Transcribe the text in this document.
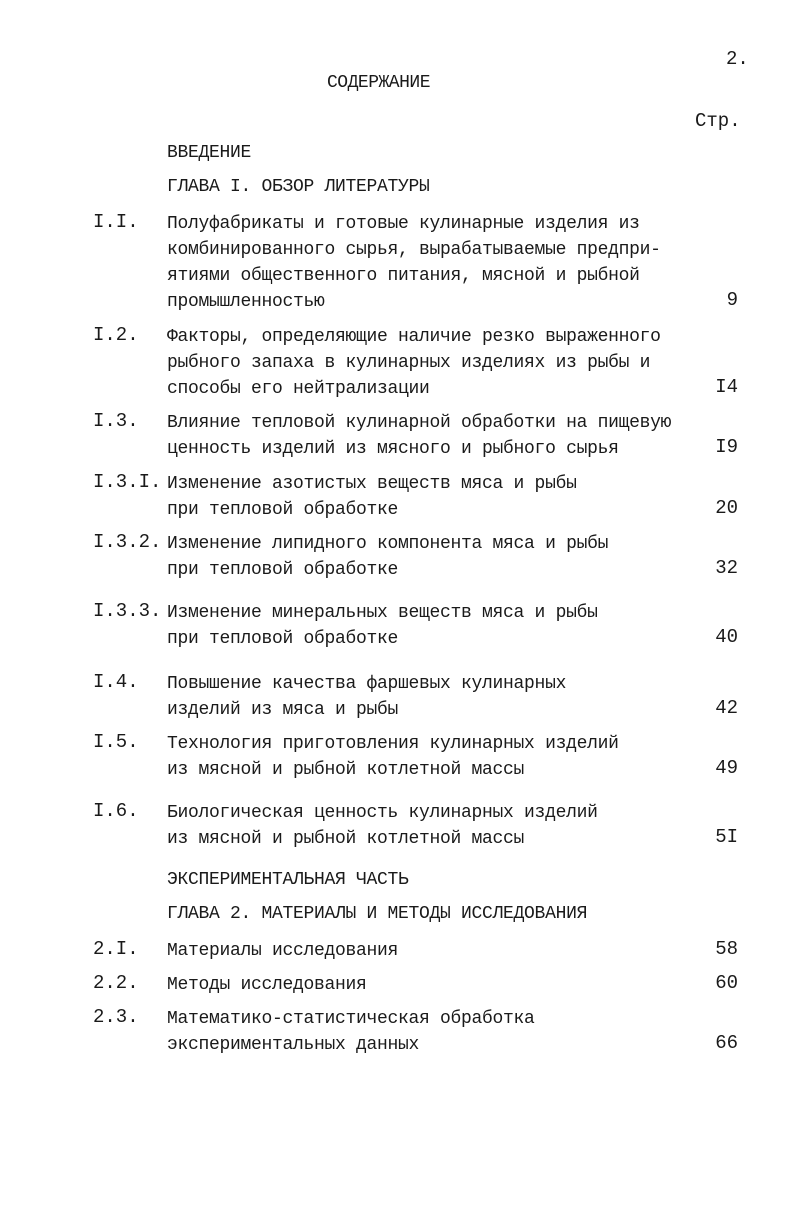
2.
СОДЕРЖАНИЕ
Стр.
ВВЕДЕНИЕ
ГЛАВА I. ОБЗОР ЛИТЕРАТУРЫ
I.I. Полуфабрикаты и готовые кулинарные изделия из
комбинированного сырья, вырабатываемые предпри-
ятиями общественного питания, мясной и рыбной
промышленностью	9
I.2. Факторы, определяющие наличие резко выраженного
рыбного запаха в кулинарных изделиях из рыбы и
способы его нейтрализации	I4
I.3. Влияние тепловой кулинарной обработки на пищевую
ценность изделий из мясного и рыбного сырья	I9
I.3.I. Изменение азотистых веществ мяса и рыбы
при тепловой обработке	20
I.3.2. Изменение липидного компонента мяса и рыбы
при тепловой обработке	32
I.3.3. Изменение минеральных веществ мяса и рыбы
при тепловой обработке	40
I.4. Повышение качества фаршевых кулинарных
изделий из мяса и рыбы	42
I.5. Технология приготовления кулинарных изделий
из мясной и рыбной котлетной массы	49
I.6. Биологическая ценность кулинарных изделий
из мясной и рыбной котлетной массы	5I
ЭКСПЕРИМЕНТАЛЬНАЯ ЧАСТЬ
ГЛАВА 2. МАТЕРИАЛЫ И МЕТОДЫ ИССЛЕДОВАНИЯ
2.I. Материалы исследования	58
2.2. Методы исследования	60
2.3. Математико-статистическая обработка
экспериментальных данных	66
